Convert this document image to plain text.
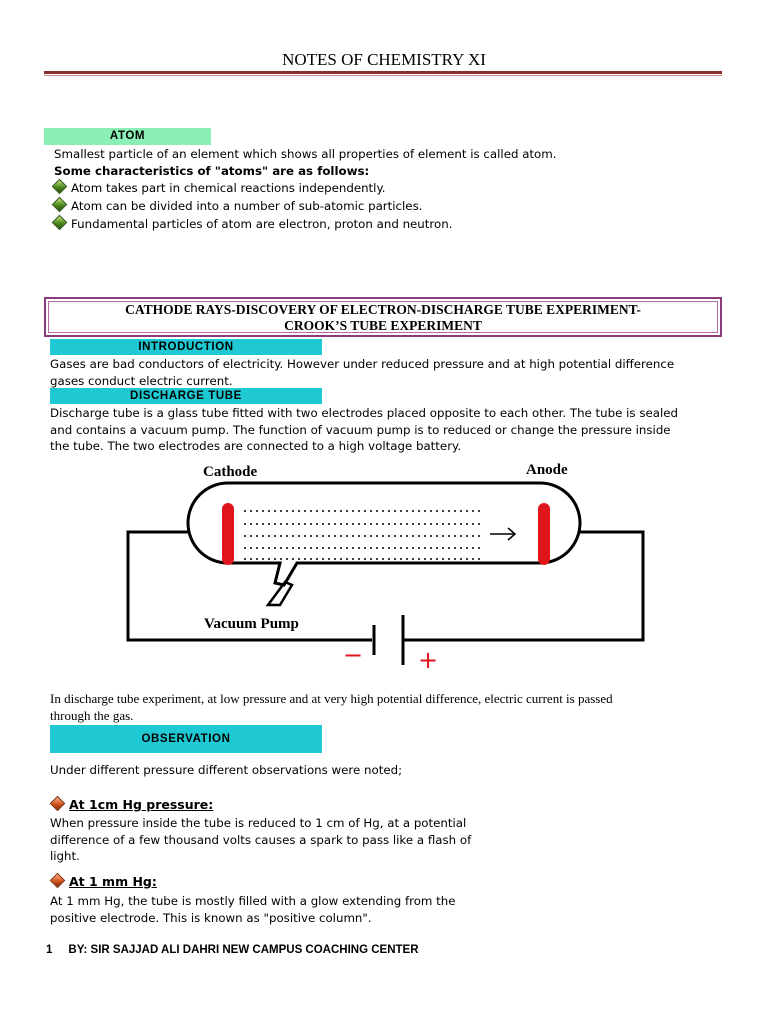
NOTES OF CHEMISTRY XI
ATOM
Smallest particle of an element which shows all properties of element is called atom.
Some characteristics of "atoms" are as follows:
Atom takes part in chemical reactions independently.
Atom can be divided into a number of sub-atomic particles.
Fundamental particles of atom are electron, proton and neutron.
CATHODE RAYS-DISCOVERY OF ELECTRON-DISCHARGE TUBE EXPERIMENT-
CROOK’S TUBE EXPERIMENT
INTRODUCTION
Gases are bad conductors of electricity. However under reduced pressure and at high potential difference
gases conduct electric current.
DISCHARGE TUBE
Discharge tube is a glass tube fitted with two electrodes placed opposite to each other. The tube is sealed
and contains a vacuum pump. The function of vacuum pump is to reduced or change the pressure inside
the tube. The two electrodes are connected to a high voltage battery.
Cathode	Anode
Vacuum Pump
− +
In discharge tube experiment, at low pressure and at very high potential difference, electric current is passed
through the gas.
OBSERVATION
Under different pressure different observations were noted;
At 1cm Hg pressure:
When pressure inside the tube is reduced to 1 cm of Hg, at a potential
difference of a few thousand volts causes a spark to pass like a flash of
light.
At 1 mm Hg:
At 1 mm Hg, the tube is mostly filled with a glow extending from the
positive electrode. This is known as "positive column".
1 BY: SIR SAJJAD ALI DAHRI NEW CAMPUS COACHING CENTER
